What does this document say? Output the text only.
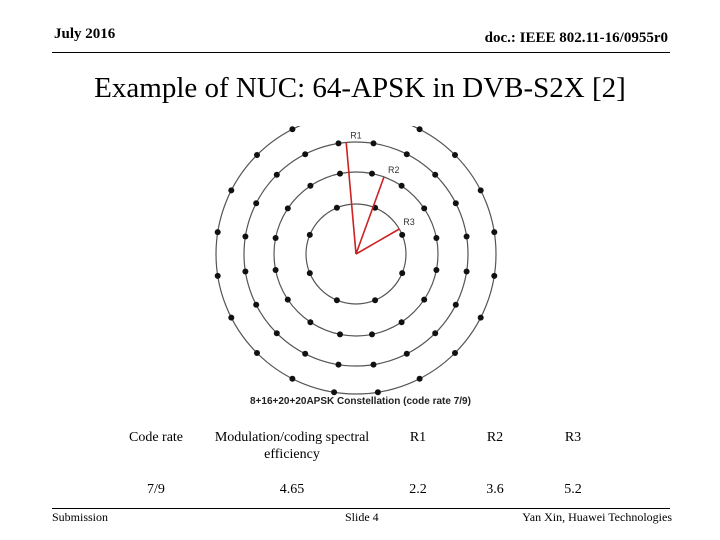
July 2016	doc.: IEEE 802.11-16/0955r0
Example of NUC: 64-APSK in DVB-S2X [2]
R1
R2
R3
8+16+20+20APSK Constellation (code rate 7/9)
Code rate	Modulation/coding spectral efficiency	R1	R2	R3
7/9	4.65	2.2	3.6	5.2
Submission	Slide 4	Yan Xin, Huawei Technologies
